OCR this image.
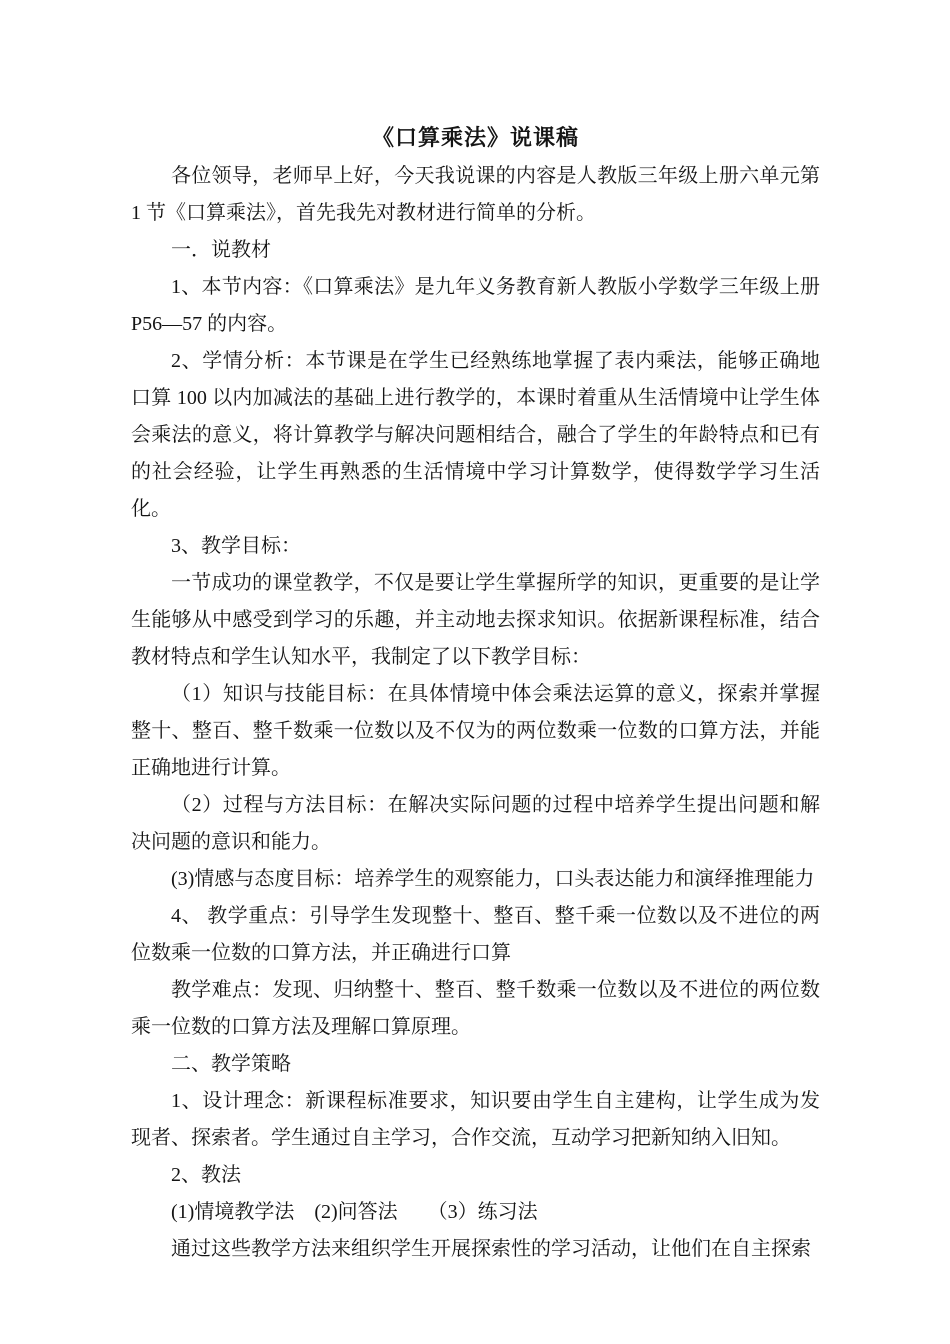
《口算乘法》说课稿

各位领导，老师早上好，今天我说课的内容是人教版三年级上册六单元第 1 节《口算乘法》，首先我先对教材进行简单的分析。

一．说教材

1、本节内容：《口算乘法》是九年义务教育新人教版小学数学三年级上册 P56—57 的内容。

2、学情分析：本节课是在学生已经熟练地掌握了表内乘法，能够正确地口算 100 以内加减法的基础上进行教学的，本课时着重从生活情境中让学生体会乘法的意义，将计算教学与解决问题相结合，融合了学生的年龄特点和已有的社会经验，让学生再熟悉的生活情境中学习计算数学，使得数学学习生活化。

3、教学目标：

一节成功的课堂教学，不仅是要让学生掌握所学的知识，更重要的是让学生能够从中感受到学习的乐趣，并主动地去探求知识。依据新课程标准，结合教材特点和学生认知水平，我制定了以下教学目标：

（1）知识与技能目标：在具体情境中体会乘法运算的意义，探索并掌握整十、整百、整千数乘一位数以及不仅为的两位数乘一位数的口算方法，并能正确地进行计算。

（2）过程与方法目标：在解决实际问题的过程中培养学生提出问题和解决问题的意识和能力。

(3)情感与态度目标：培养学生的观察能力，口头表达能力和演绎推理能力

4、 教学重点：引导学生发现整十、整百、整千乘一位数以及不进位的两位数乘一位数的口算方法，并正确进行口算

教学难点：发现、归纳整十、整百、整千数乘一位数以及不进位的两位数乘一位数的口算方法及理解口算原理。

二、教学策略

1、设计理念：新课程标准要求，知识要由学生自主建构，让学生成为发现者、探索者。学生通过自主学习，合作交流，互动学习把新知纳入旧知。

2、教法

(1)情境教学法    (2)问答法      （3）练习法

通过这些教学方法来组织学生开展探索性的学习活动，让他们在自主探索
